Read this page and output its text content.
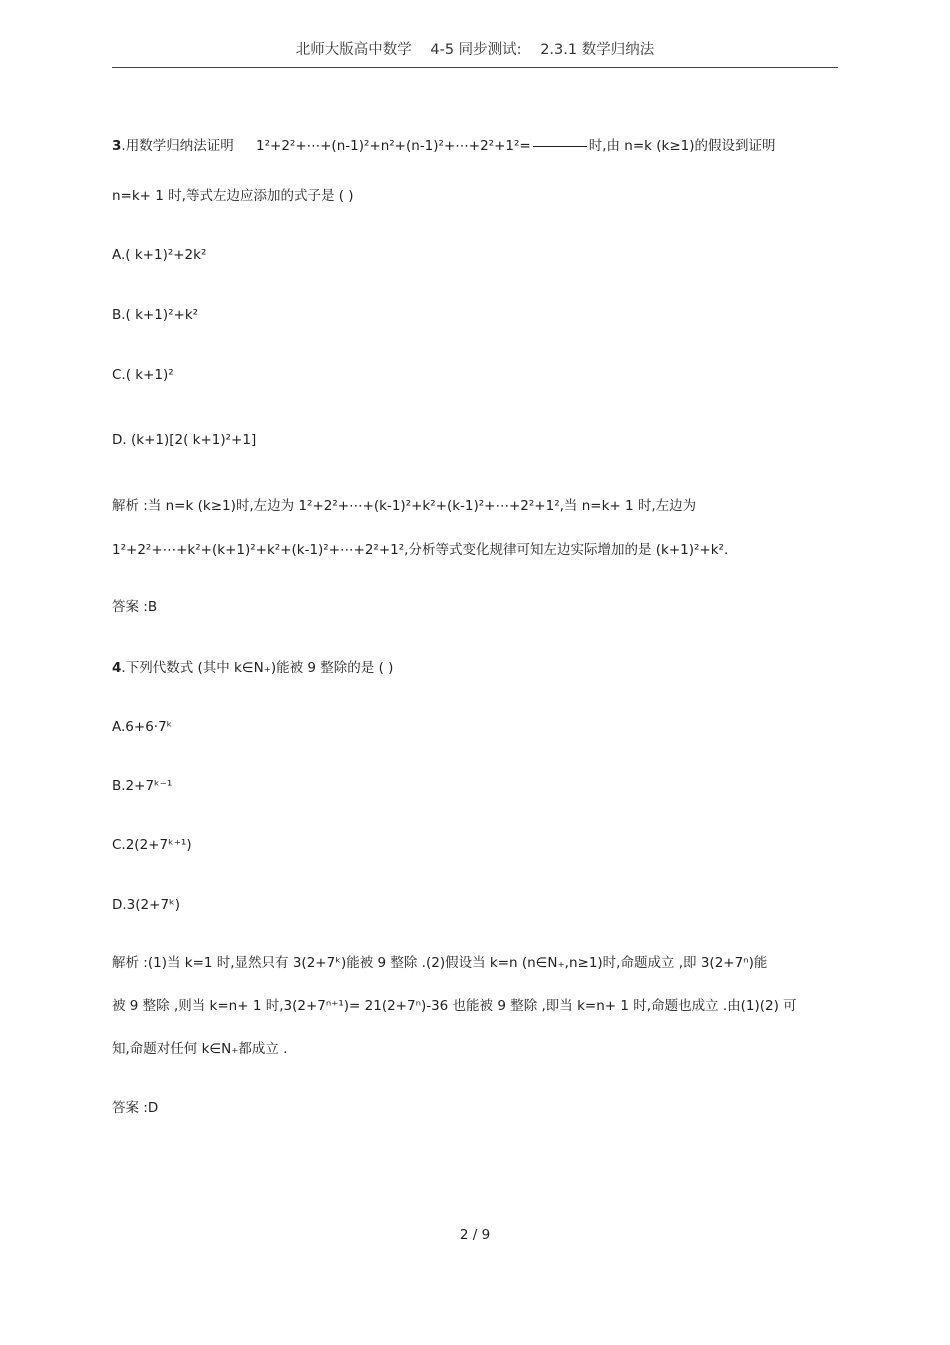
北师大版高中数学 4-5 同步测试: 2.3.1 数学归纳法
3.用数学归纳法证明 1²+2²+⋯+(n-1)²+n²+(n-1)²+⋯+2²+1²=	时,由 n=k (k≥1)的假设到证明
n=k+ 1 时,等式左边应添加的式子是 ( )
A.( k+1)²+2k²
B.( k+1)²+k²
C.( k+1)²
D. (k+1)[2( k+1)²+1]
解析 :当 n=k (k≥1)时,左边为 1²+2²+⋯+(k-1)²+k²+(k-1)²+⋯+2²+1²,当 n=k+ 1 时,左边为
1²+2²+⋯+k²+(k+1)²+k²+(k-1)²+⋯+2²+1²,分析等式变化规律可知左边实际增加的是 (k+1)²+k².
答案 :B
4.下列代数式 (其中 k∈N₊)能被 9 整除的是 ( )
A.6+6·7ᵏ
B.2+7ᵏ⁻¹
C.2(2+7ᵏ⁺¹)
D.3(2+7ᵏ)
解析 :(1)当 k=1 时,显然只有 3(2+7ᵏ)能被 9 整除 .(2)假设当 k=n (n∈N₊,n≥1)时,命题成立 ,即 3(2+7ⁿ)能
被 9 整除 ,则当 k=n+ 1 时,3(2+7ⁿ⁺¹)= 21(2+7ⁿ)-36 也能被 9 整除 ,即当 k=n+ 1 时,命题也成立 .由(1)(2) 可
知,命题对任何 k∈N₊都成立 .
答案 :D
2 / 9
